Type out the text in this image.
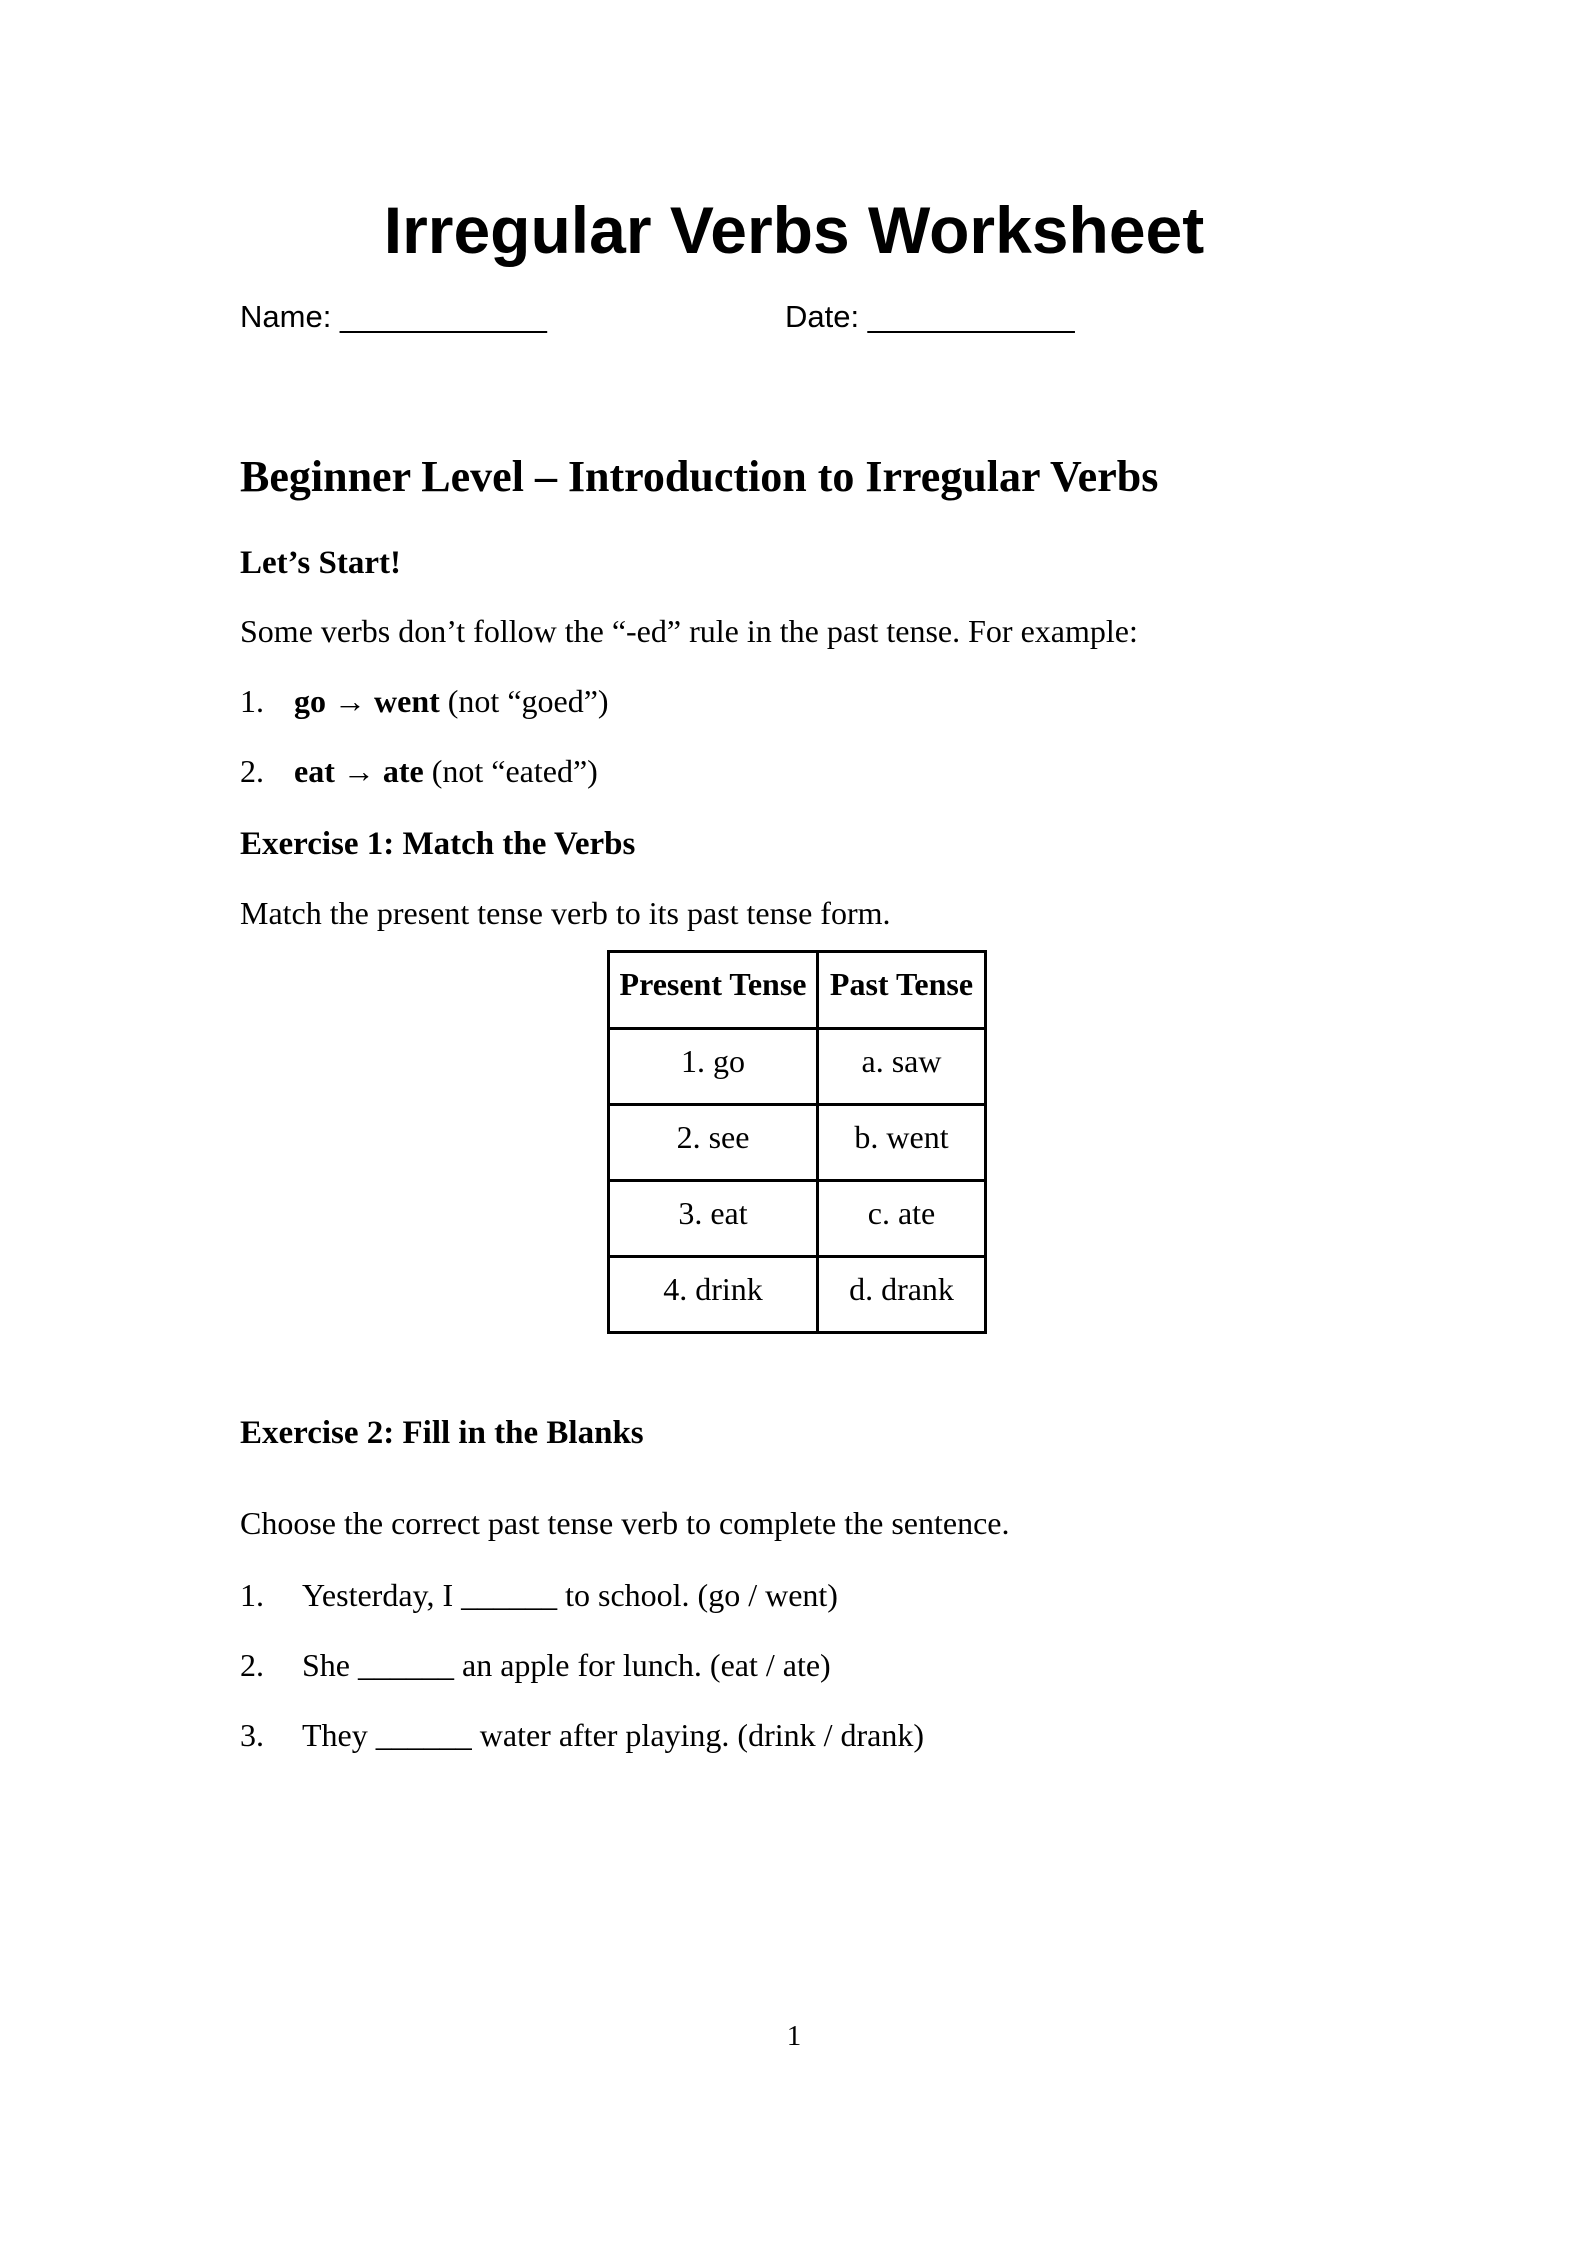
Irregular Verbs Worksheet
Name: ____________	Date: ____________
Beginner Level – Introduction to Irregular Verbs
Let’s Start!
Some verbs don’t follow the “-ed” rule in the past tense. For example:
1. go → went (not “goed”)
2. eat → ate (not “eated”)
Exercise 1: Match the Verbs
Match the present tense verb to its past tense form.
Present Tense	Past Tense
1. go	a. saw
2. see	b. went
3. eat	c. ate
4. drink	d. drank
Exercise 2: Fill in the Blanks
Choose the correct past tense verb to complete the sentence.
1. Yesterday, I ______ to school. (go / went)
2. She ______ an apple for lunch. (eat / ate)
3. They ______ water after playing. (drink / drank)
1
